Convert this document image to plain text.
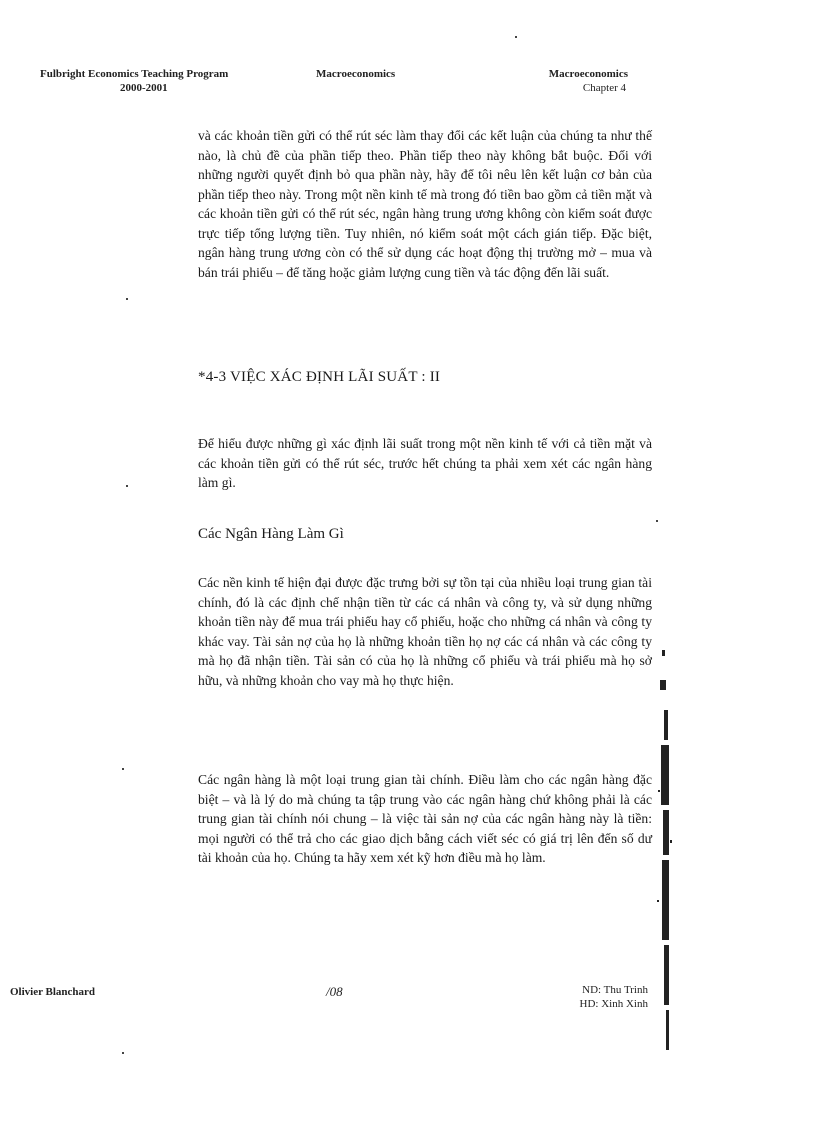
Fulbright Economics Teaching Program
2000-2001
Macroeconomics	Macroeconomics
Chapter 4
và các khoản tiền gửi có thể rút séc làm thay đổi các kết luận của chúng ta như thế nào, là chủ đề của phần tiếp theo. Phần tiếp theo này không bắt buộc. Đối với những người quyết định bỏ qua phần này, hãy để tôi nêu lên kết luận cơ bản của phần tiếp theo này. Trong một nền kinh tế mà trong đó tiền bao gồm cả tiền mặt và các khoản tiền gửi có thể rút séc, ngân hàng trung ương không còn kiểm soát được trực tiếp tổng lượng tiền. Tuy nhiên, nó kiểm soát một cách gián tiếp. Đặc biệt, ngân hàng trung ương còn có thể sử dụng các hoạt động thị trường mở – mua và bán trái phiếu – để tăng hoặc giảm lượng cung tiền và tác động đến lãi suất.
*4-3 VIỆC XÁC ĐỊNH LÃI SUẤT : II
Để hiểu được những gì xác định lãi suất trong một nền kinh tế với cả tiền mặt và các khoản tiền gửi có thể rút séc, trước hết chúng ta phải xem xét các ngân hàng làm gì.
Các Ngân Hàng Làm Gì
Các nền kinh tế hiện đại được đặc trưng bởi sự tồn tại của nhiều loại trung gian tài chính, đó là các định chế nhận tiền từ các cá nhân và công ty, và sử dụng những khoản tiền này để mua trái phiếu hay cổ phiếu, hoặc cho những cá nhân và công ty khác vay. Tài sản nợ của họ là những khoản tiền họ nợ các cá nhân và các công ty mà họ đã nhận tiền. Tài sản có của họ là những cổ phiếu và trái phiếu mà họ sở hữu, và những khoản cho vay mà họ thực hiện.
Các ngân hàng là một loại trung gian tài chính. Điều làm cho các ngân hàng đặc biệt – và là lý do mà chúng ta tập trung vào các ngân hàng chứ không phải là các trung gian tài chính nói chung – là việc tài sản nợ của các ngân hàng này là tiền: mọi người có thể trả cho các giao dịch bằng cách viết séc có giá trị lên đến số dư tài khoản của họ. Chúng ta hãy xem xét kỹ hơn điều mà họ làm.
Olivier Blanchard	/08	ND: Thu Trinh
HD: Xinh Xinh
